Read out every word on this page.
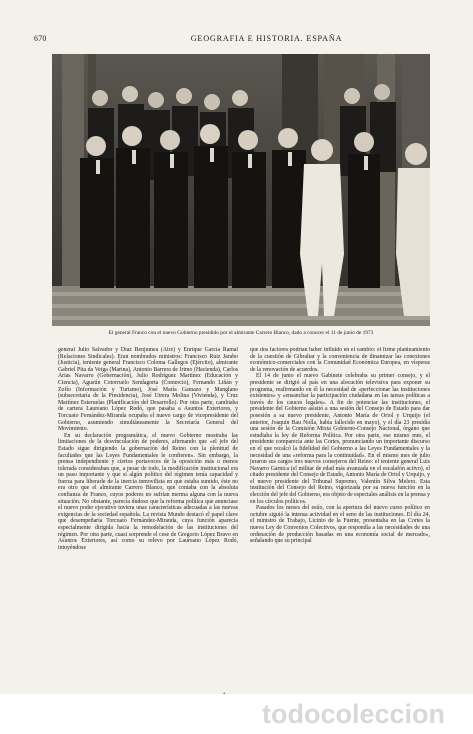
670	GEOGRAFIA E HISTORIA. ESPAÑA
El general Franco con el nuevo Gobierno presidido por el almirante Carrero Blanco, dado a conocer el 11 de junio de 1973

general Julio Salvador y Díaz Benjumea (Aire) y Enrique García Ramal (Relaciones Sindicales). Eran nombrados ministros: Francisco Ruiz Jarabo (Justicia), teniente general Francisco Coloma Gallegos (Ejército), almirante Gabriel Pita da Veiga (Marina), Antonio Barrera de Irimo (Hacienda), Carlos Arias Navarro (Gobernación), Julio Rodríguez Martínez (Educación y Ciencia), Agustín Cotorruelo Sendagorta (Comercio), Fernando Liñán y Zofío (Información y Turismo), José María Gamazo y Manglano (subsecretaría de la Presidencia), José Utrera Molina (Vivienda), y Cruz Martínez Esteruelas (Planificación del Desarrollo). Por otra parte, cambiaba de cartera Laureano López Rodó, que pasaba a Asuntos Exteriores, y Torcuato Fernández-Miranda ocupaba el nuevo cargo de vicepresidente del Gobierno, asumiendo simultáneamente la Secretaría General del Movimiento.

En su declaración programática, el nuevo Gobierno mostraba las limitaciones de la desvinculación de poderes, afirmando que «el jefe del Estado sigue dirigiendo la gobernación del Reino con la plenitud de facultades que las Leyes Fundamentales le confieren». Sin embargo, la prensa independiente y ciertos portavoces de la oposición más o menos tolerada consideraban que, a pesar de todo, la modificación institucional era un paso importante y que si algún político del régimen tenía capacidad y fuerza para liberarle de la inercia inmovilista en que estaba sumido, éste no era otro que el almirante Carrero Blanco, que contaba con la absoluta confianza de Franco, cuyos poderes no sufrían merma alguna con la nueva situación. No obstante, parecía dudoso que la reforma política que anunciase el nuevo poder ejecutivo tuviera unas características adecuadas a las nuevas exigencias de la sociedad española. La revista Mundo destacó el papel clave que desempeñaría Torcuato Fernández-Miranda, cuya función aparecía especialmente dirigida hacia la remodelación de las instituciones del régimen. Por otra parte, cuasi sorprende el cese de Gregorio López Bravo en Asuntos Exteriores, así como su relevo por Laureano López Rodó, intuyéndose

que dos factores podrían haber influido en el cambio: el firme planteamiento de la cuestión de Gibraltar y la conveniencia de dinamizar las conexiones económico-comerciales con la Comunidad Económica Europea, en vísperas de la renovación de acuerdos.

El 14 de junio el nuevo Gabinete celebraba su primer consejo, y el presidente se dirigió al país en una alocución televisiva para exponer su programa, reafirmando en él la necesidad de «perfeccionar las instituciones existentes» y «ensanchar la participación ciudadana en las tareas políticas a través de los cauces legales». A fin de potenciar las instituciones, el presidente del Gobierno asistió a una sesión del Consejo de Estado para dar posesión a su nuevo presidente, Antonio María de Oriol y Urquijo (el anterior, Joaquín Bau Nolla, había fallecido en mayo), y el día 23 presidía una sesión de la Comisión Mixta Gobierno-Consejo Nacional, órgano que estudiaba la ley de Reforma Política. Por otra parte, ese mismo mes, el presidente comparecía ante las Cortes, pronunciando un importante discurso en el que recalcó la fidelidad del Gobierno a las Leyes Fundamentales y la necesidad de una «reforma para la continuidad». En el mismo mes de julio juraron sus cargos tres nuevos consejeros del Reino: el teniente general Luis Navarro Garnica (el militar de edad más avanzada en el escalafón activo), el citado presidente del Consejo de Estado, Antonio María de Oriol y Urquijo, y el nuevo presidente del Tribunal Supremo, Valentín Silva Melero. Esta institución del Consejo del Reino, vigorizada por su nueva función en la elección del jefe del Gobierno, era objeto de especiales análisis en la prensa y en los círculos políticos.

Pasados los meses del estío, con la apertura del nuevo curso político en octubre siguió la intensa actividad en el seno de las instituciones. El día 24, el ministro de Trabajo, Licinio de la Fuente, presentaba en las Cortes la nueva Ley de Convenios Colectivos, que respondía a las necesidades de una ordenación de producción basadas en una economía social de mercado», señalando que su principal

todocoleccion
